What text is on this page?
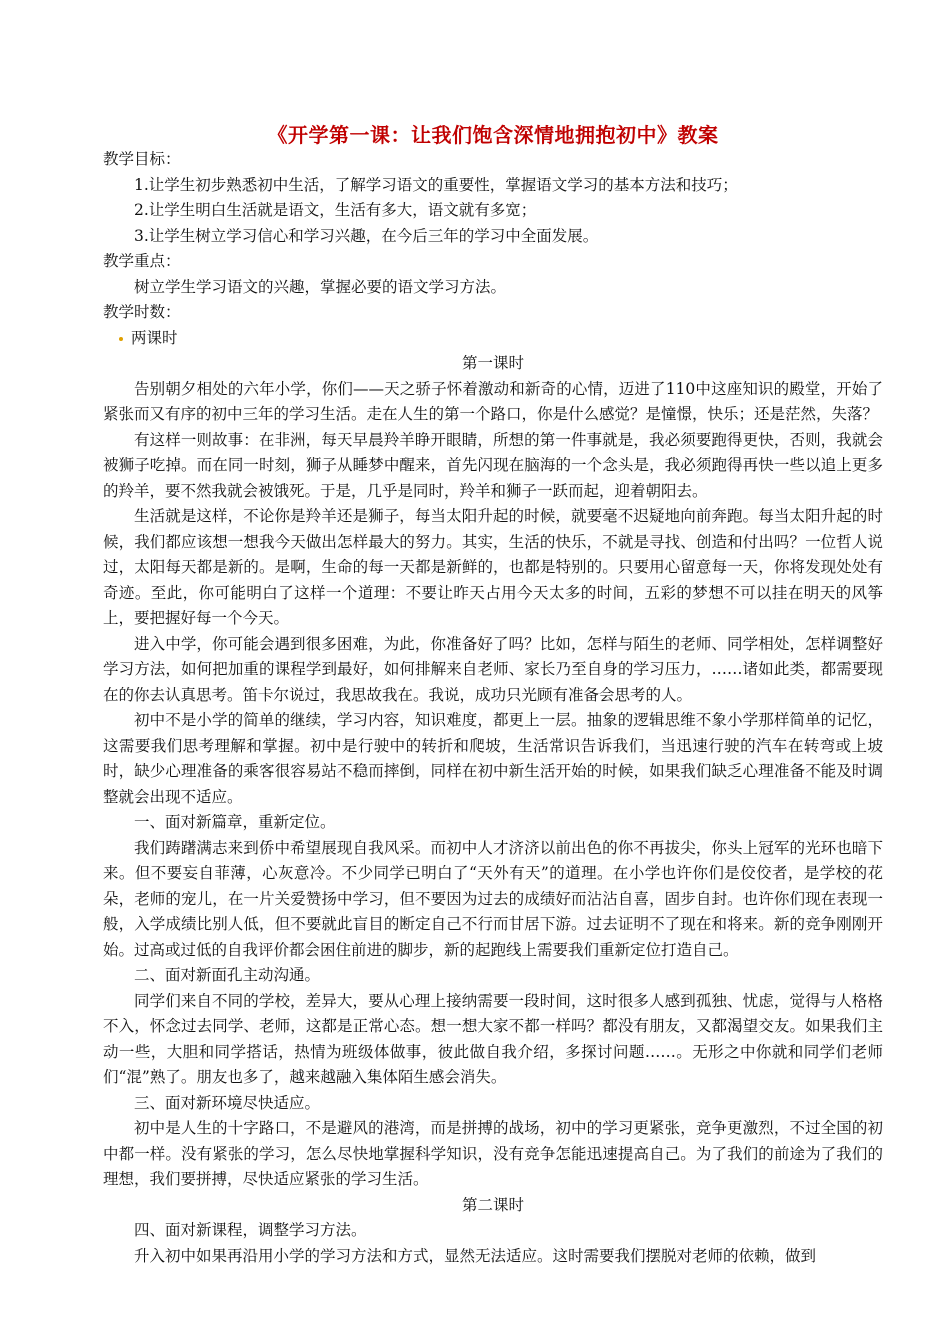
《开学第一课：让我们饱含深情地拥抱初中》教案

教学目标：

1.让学生初步熟悉初中生活，了解学习语文的重要性，掌握语文学习的基本方法和技巧；

2.让学生明白生活就是语文，生活有多大，语文就有多宽；

3.让学生树立学习信心和学习兴趣，在今后三年的学习中全面发展。

教学重点：

树立学生学习语文的兴趣，掌握必要的语文学习方法。

教学时数：

两课时

第一课时

告别朝夕相处的六年小学，你们——天之骄子怀着激动和新奇的心情，迈进了110中这座知识的殿堂，开始了紧张而又有序的初中三年的学习生活。走在人生的第一个路口，你是什么感觉？是憧憬，快乐；还是茫然，失落？

有这样一则故事：在非洲，每天早晨羚羊睁开眼睛，所想的第一件事就是，我必须要跑得更快，否则，我就会被狮子吃掉。而在同一时刻，狮子从睡梦中醒来，首先闪现在脑海的一个念头是，我必须跑得再快一些以追上更多的羚羊，要不然我就会被饿死。于是，几乎是同时，羚羊和狮子一跃而起，迎着朝阳去。

生活就是这样，不论你是羚羊还是狮子，每当太阳升起的时候，就要毫不迟疑地向前奔跑。每当太阳升起的时候，我们都应该想一想我今天做出怎样最大的努力。其实，生活的快乐，不就是寻找、创造和付出吗？一位哲人说过，太阳每天都是新的。是啊，生命的每一天都是新鲜的，也都是特别的。只要用心留意每一天，你将发现处处有奇迹。至此，你可能明白了这样一个道理：不要让昨天占用今天太多的时间，五彩的梦想不可以挂在明天的风筝上，要把握好每一个今天。

进入中学，你可能会遇到很多困难，为此，你准备好了吗？比如，怎样与陌生的老师、同学相处，怎样调整好学习方法，如何把加重的课程学到最好，如何排解来自老师、家长乃至自身的学习压力，……诸如此类，都需要现在的你去认真思考。笛卡尔说过，我思故我在。我说，成功只光顾有准备会思考的人。

初中不是小学的简单的继续，学习内容，知识难度，都更上一层。抽象的逻辑思维不象小学那样简单的记忆，这需要我们思考理解和掌握。初中是行驶中的转折和爬坡，生活常识告诉我们，当迅速行驶的汽车在转弯或上坡时，缺少心理准备的乘客很容易站不稳而摔倒，同样在初中新生活开始的时候，如果我们缺乏心理准备不能及时调整就会出现不适应。

一、面对新篇章，重新定位。

我们踌躇满志来到侨中希望展现自我风采。而初中人才济济以前出色的你不再拔尖，你头上冠军的光环也暗下来。但不要妄自菲薄，心灰意冷。不少同学已明白了“天外有天”的道理。在小学也许你们是佼佼者，是学校的花朵，老师的宠儿，在一片关爱赞扬中学习，但不要因为过去的成绩好而沾沾自喜，固步自封。也许你们现在表现一般，入学成绩比别人低，但不要就此盲目的断定自己不行而甘居下游。过去证明不了现在和将来。新的竞争刚刚开始。过高或过低的自我评价都会困住前进的脚步，新的起跑线上需要我们重新定位打造自己。

二、面对新面孔主动沟通。

同学们来自不同的学校，差异大，要从心理上接纳需要一段时间，这时很多人感到孤独、忧虑，觉得与人格格不入，怀念过去同学、老师，这都是正常心态。想一想大家不都一样吗？都没有朋友，又都渴望交友。如果我们主动一些，大胆和同学搭话，热情为班级体做事，彼此做自我介绍，多探讨问题……。无形之中你就和同学们老师们“混”熟了。朋友也多了，越来越融入集体陌生感会消失。

三、面对新环境尽快适应。

初中是人生的十字路口，不是避风的港湾，而是拼搏的战场，初中的学习更紧张，竞争更激烈，不过全国的初中都一样。没有紧张的学习，怎么尽快地掌握科学知识，没有竞争怎能迅速提高自己。为了我们的前途为了我们的理想，我们要拼搏，尽快适应紧张的学习生活。

第二课时

四、面对新课程，调整学习方法。

升入初中如果再沿用小学的学习方法和方式，显然无法适应。这时需要我们摆脱对老师的依赖，做到
